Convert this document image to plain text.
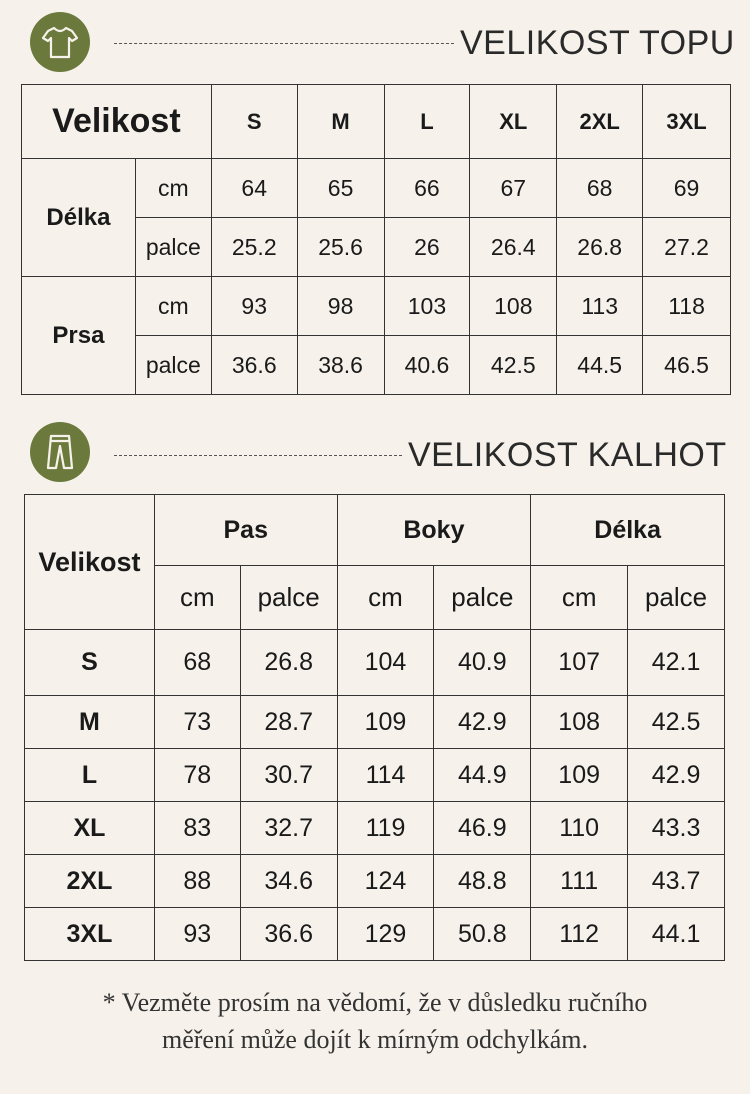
VELIKOST TOPU
Velikost		S	M	L	XL	2XL	3XL
Délka	cm	64	65	66	67	68	69
	palce	25.2	25.6	26	26.4	26.8	27.2
Prsa	cm	93	98	103	108	113	118
	palce	36.6	38.6	40.6	42.5	44.5	46.5
VELIKOST KALHOT
Velikost	Pas		Boky		Délka	
	cm	palce	cm	palce	cm	palce
S	68	26.8	104	40.9	107	42.1
M	73	28.7	109	42.9	108	42.5
L	78	30.7	114	44.9	109	42.9
XL	83	32.7	119	46.9	110	43.3
2XL	88	34.6	124	48.8	111	43.7
3XL	93	36.6	129	50.8	112	44.1
* Vezměte prosím na vědomí, že v důsledku ručního
měření může dojít k mírným odchylkám.
